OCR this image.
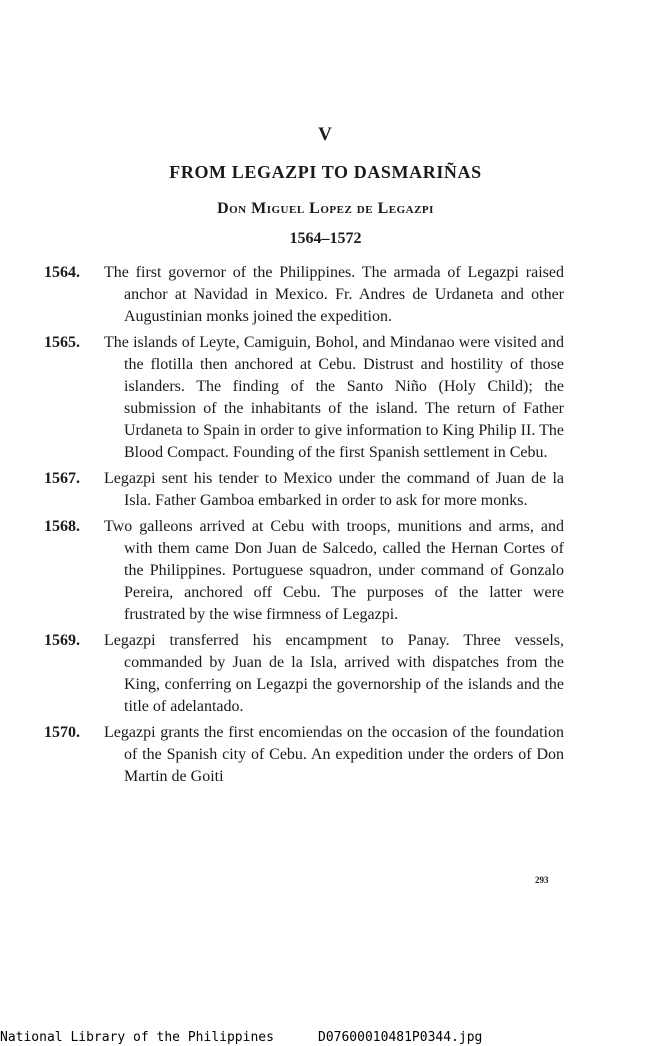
V
FROM LEGAZPI TO DASMARIÑAS
Don Miguel Lopez de Legazpi
1564–1572
1564. The first governor of the Philippines. The armada of Legazpi raised anchor at Navidad in Mexico. Fr. Andres de Urdaneta and other Augustinian monks joined the expedition.
1565. The islands of Leyte, Camiguin, Bohol, and Mindanao were visited and the flotilla then anchored at Cebu. Distrust and hostility of those islanders. The finding of the Santo Niño (Holy Child); the submission of the inhabitants of the island. The return of Father Urdaneta to Spain in order to give information to King Philip II. The Blood Compact. Founding of the first Spanish settlement in Cebu.
1567. Legazpi sent his tender to Mexico under the command of Juan de la Isla. Father Gamboa embarked in order to ask for more monks.
1568. Two galleons arrived at Cebu with troops, munitions and arms, and with them came Don Juan de Salcedo, called the Hernan Cortes of the Philippines. Portuguese squadron, under command of Gonzalo Pereira, anchored off Cebu. The purposes of the latter were frustrated by the wise firmness of Legazpi.
1569. Legazpi transferred his encampment to Panay. Three vessels, commanded by Juan de la Isla, arrived with dispatches from the King, conferring on Legazpi the governorship of the islands and the title of adelantado.
1570. Legazpi grants the first encomiendas on the occasion of the foundation of the Spanish city of Cebu. An expedition under the orders of Don Martin de Goiti
293
National Library of the Philippines	D07600010481P0344.jpg
